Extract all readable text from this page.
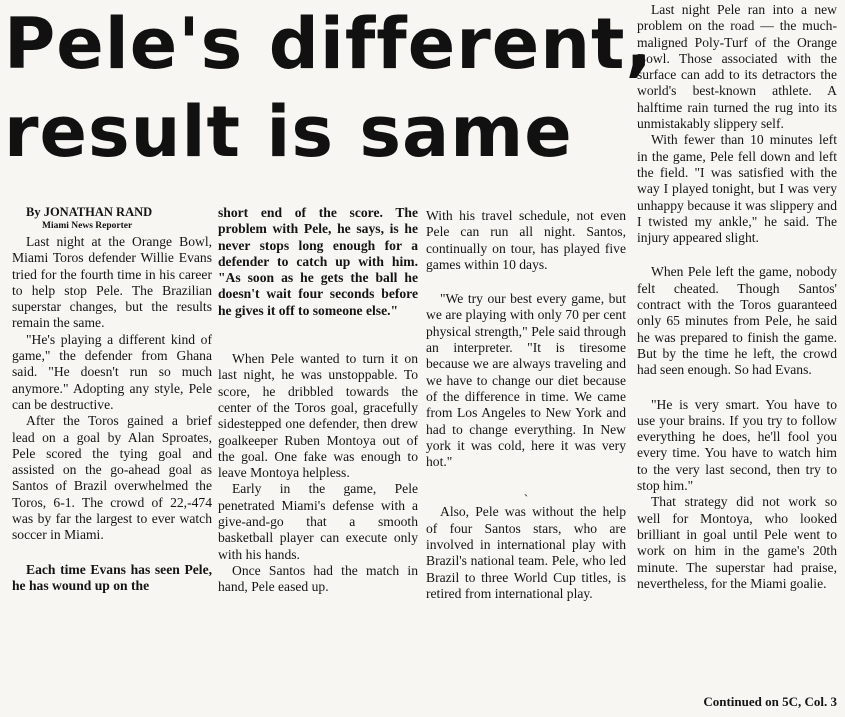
Pele's different,
result is same
By JONATHAN RAND
Miami News Reporter

Last night at the Orange Bowl, Miami Toros defender Willie Evans tried for the fourth time in his career to help stop Pele. The Brazilian superstar changes, but the results remain the same.

"He's playing a different kind of game," the defender from Ghana said. "He doesn't run so much anymore." Adopting any style, Pele can be destructive.

After the Toros gained a brief lead on a goal by Alan Sproates, Pele scored the tying goal and assisted on the go-ahead goal as Santos of Brazil overwhelmed the Toros, 6-1. The crowd of 22,-474 was by far the largest to ever watch soccer in Miami.

Each time Evans has seen Pele, he has wound up on the

short end of the score. The problem with Pele, he says, is he never stops long enough for a defender to catch up with him. "As soon as he gets the ball he doesn't wait four seconds before he gives it off to someone else."

When Pele wanted to turn it on last night, he was unstoppable. To score, he dribbled towards the center of the Toros goal, gracefully sidestepped one defender, then drew goalkeeper Ruben Montoya out of the goal. One fake was enough to leave Montoya helpless.

Early in the game, Pele penetrated Miami's defense with a give-and-go that a smooth basketball player can execute only with his hands.

Once Santos had the match in hand, Pele eased up.

With his travel schedule, not even Pele can run all night. Santos, continually on tour, has played five games within 10 days.

"We try our best every game, but we are playing with only 70 per cent physical strength," Pele said through an interpreter. "It is tiresome because we are always traveling and we have to change our diet because of the difference in time. We came from Los Angeles to New York and had to change everything. In New york it was cold, here it was very hot."

ˏ

Also, Pele was without the help of four Santos stars, who are involved in international play with Brazil's national team. Pele, who led Brazil to three World Cup titles, is retired from international play.

Last night Pele ran into a new problem on the road — the much-maligned Poly-Turf of the Orange Bowl. Those associated with the surface can add to its detractors the world's best-known athlete. A halftime rain turned the rug into its unmistakably slippery self.

With fewer than 10 minutes left in the game, Pele fell down and left the field. "I was satisfied with the way I played tonight, but I was very unhappy because it was slippery and I twisted my ankle," he said. The injury appeared slight.

When Pele left the game, nobody felt cheated. Though Santos' contract with the Toros guaranteed only 65 minutes from Pele, he said he was prepared to finish the game. But by the time he left, the crowd had seen enough. So had Evans.

"He is very smart. You have to use your brains. If you try to follow everything he does, he'll fool you every time. You have to watch him to the very last second, then try to stop him."

That strategy did not work so well for Montoya, who looked brilliant in goal until Pele went to work on him in the game's 20th minute. The superstar had praise, nevertheless, for the Miami goalie.

Continued on 5C, Col. 3
